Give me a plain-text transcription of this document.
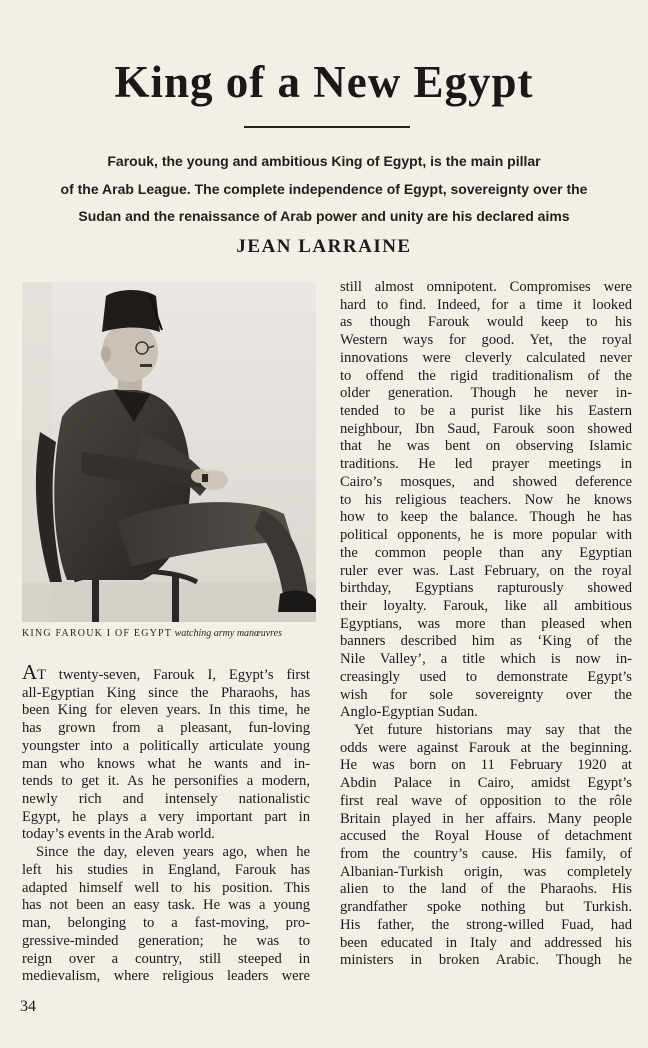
King of a New Egypt

Farouk, the young and ambitious King of Egypt, is the main pillar
of the Arab League. The complete independence of Egypt, sovereignty over the
Sudan and the renaissance of Arab power and unity are his declared aims

JEAN LARRAINE
KING FAROUK I OF EGYPT watching army manœuvres

AT twenty-seven, Farouk I, Egypt’s first
all-Egyptian King since the Pharaohs, has
been King for eleven years. In this time, he
has grown from a pleasant, fun-loving
youngster into a politically articulate young
man who knows what he wants and in-
tends to get it. As he personifies a modern,
newly rich and intensely nationalistic
Egypt, he plays a very important part in
today’s events in the Arab world.

Since the day, eleven years ago, when he
left his studies in England, Farouk has
adapted himself well to his position. This
has not been an easy task. He was a young
man, belonging to a fast-moving, pro-
gressive-minded generation; he was to
reign over a country, still steeped in
medievalism, where religious leaders were

still almost omnipotent. Compromises were
hard to find. Indeed, for a time it looked
as though Farouk would keep to his
Western ways for good. Yet, the royal
innovations were cleverly calculated never
to offend the rigid traditionalism of the
older generation. Though he never in-
tended to be a purist like his Eastern
neighbour, Ibn Saud, Farouk soon showed
that he was bent on observing Islamic
traditions. He led prayer meetings in
Cairo’s mosques, and showed deference
to his religious teachers. Now he knows
how to keep the balance. Though he has
political opponents, he is more popular with
the common people than any Egyptian
ruler ever was. Last February, on the royal
birthday, Egyptians rapturously showed
their loyalty. Farouk, like all ambitious
Egyptians, was more than pleased when
banners described him as ‘King of the
Nile Valley’, a title which is now in-
creasingly used to demonstrate Egypt’s
wish for sole sovereignty over the
Anglo-Egyptian Sudan.

Yet future historians may say that the
odds were against Farouk at the beginning.
He was born on 11 February 1920 at
Abdin Palace in Cairo, amidst Egypt’s
first real wave of opposition to the rôle
Britain played in her affairs. Many people
accused the Royal House of detachment
from the country’s cause. His family, of
Albanian-Turkish origin, was completely
alien to the land of the Pharaohs. His
grandfather spoke nothing but Turkish.
His father, the strong-willed Fuad, had
been educated in Italy and addressed his
ministers in broken Arabic. Though he

34
